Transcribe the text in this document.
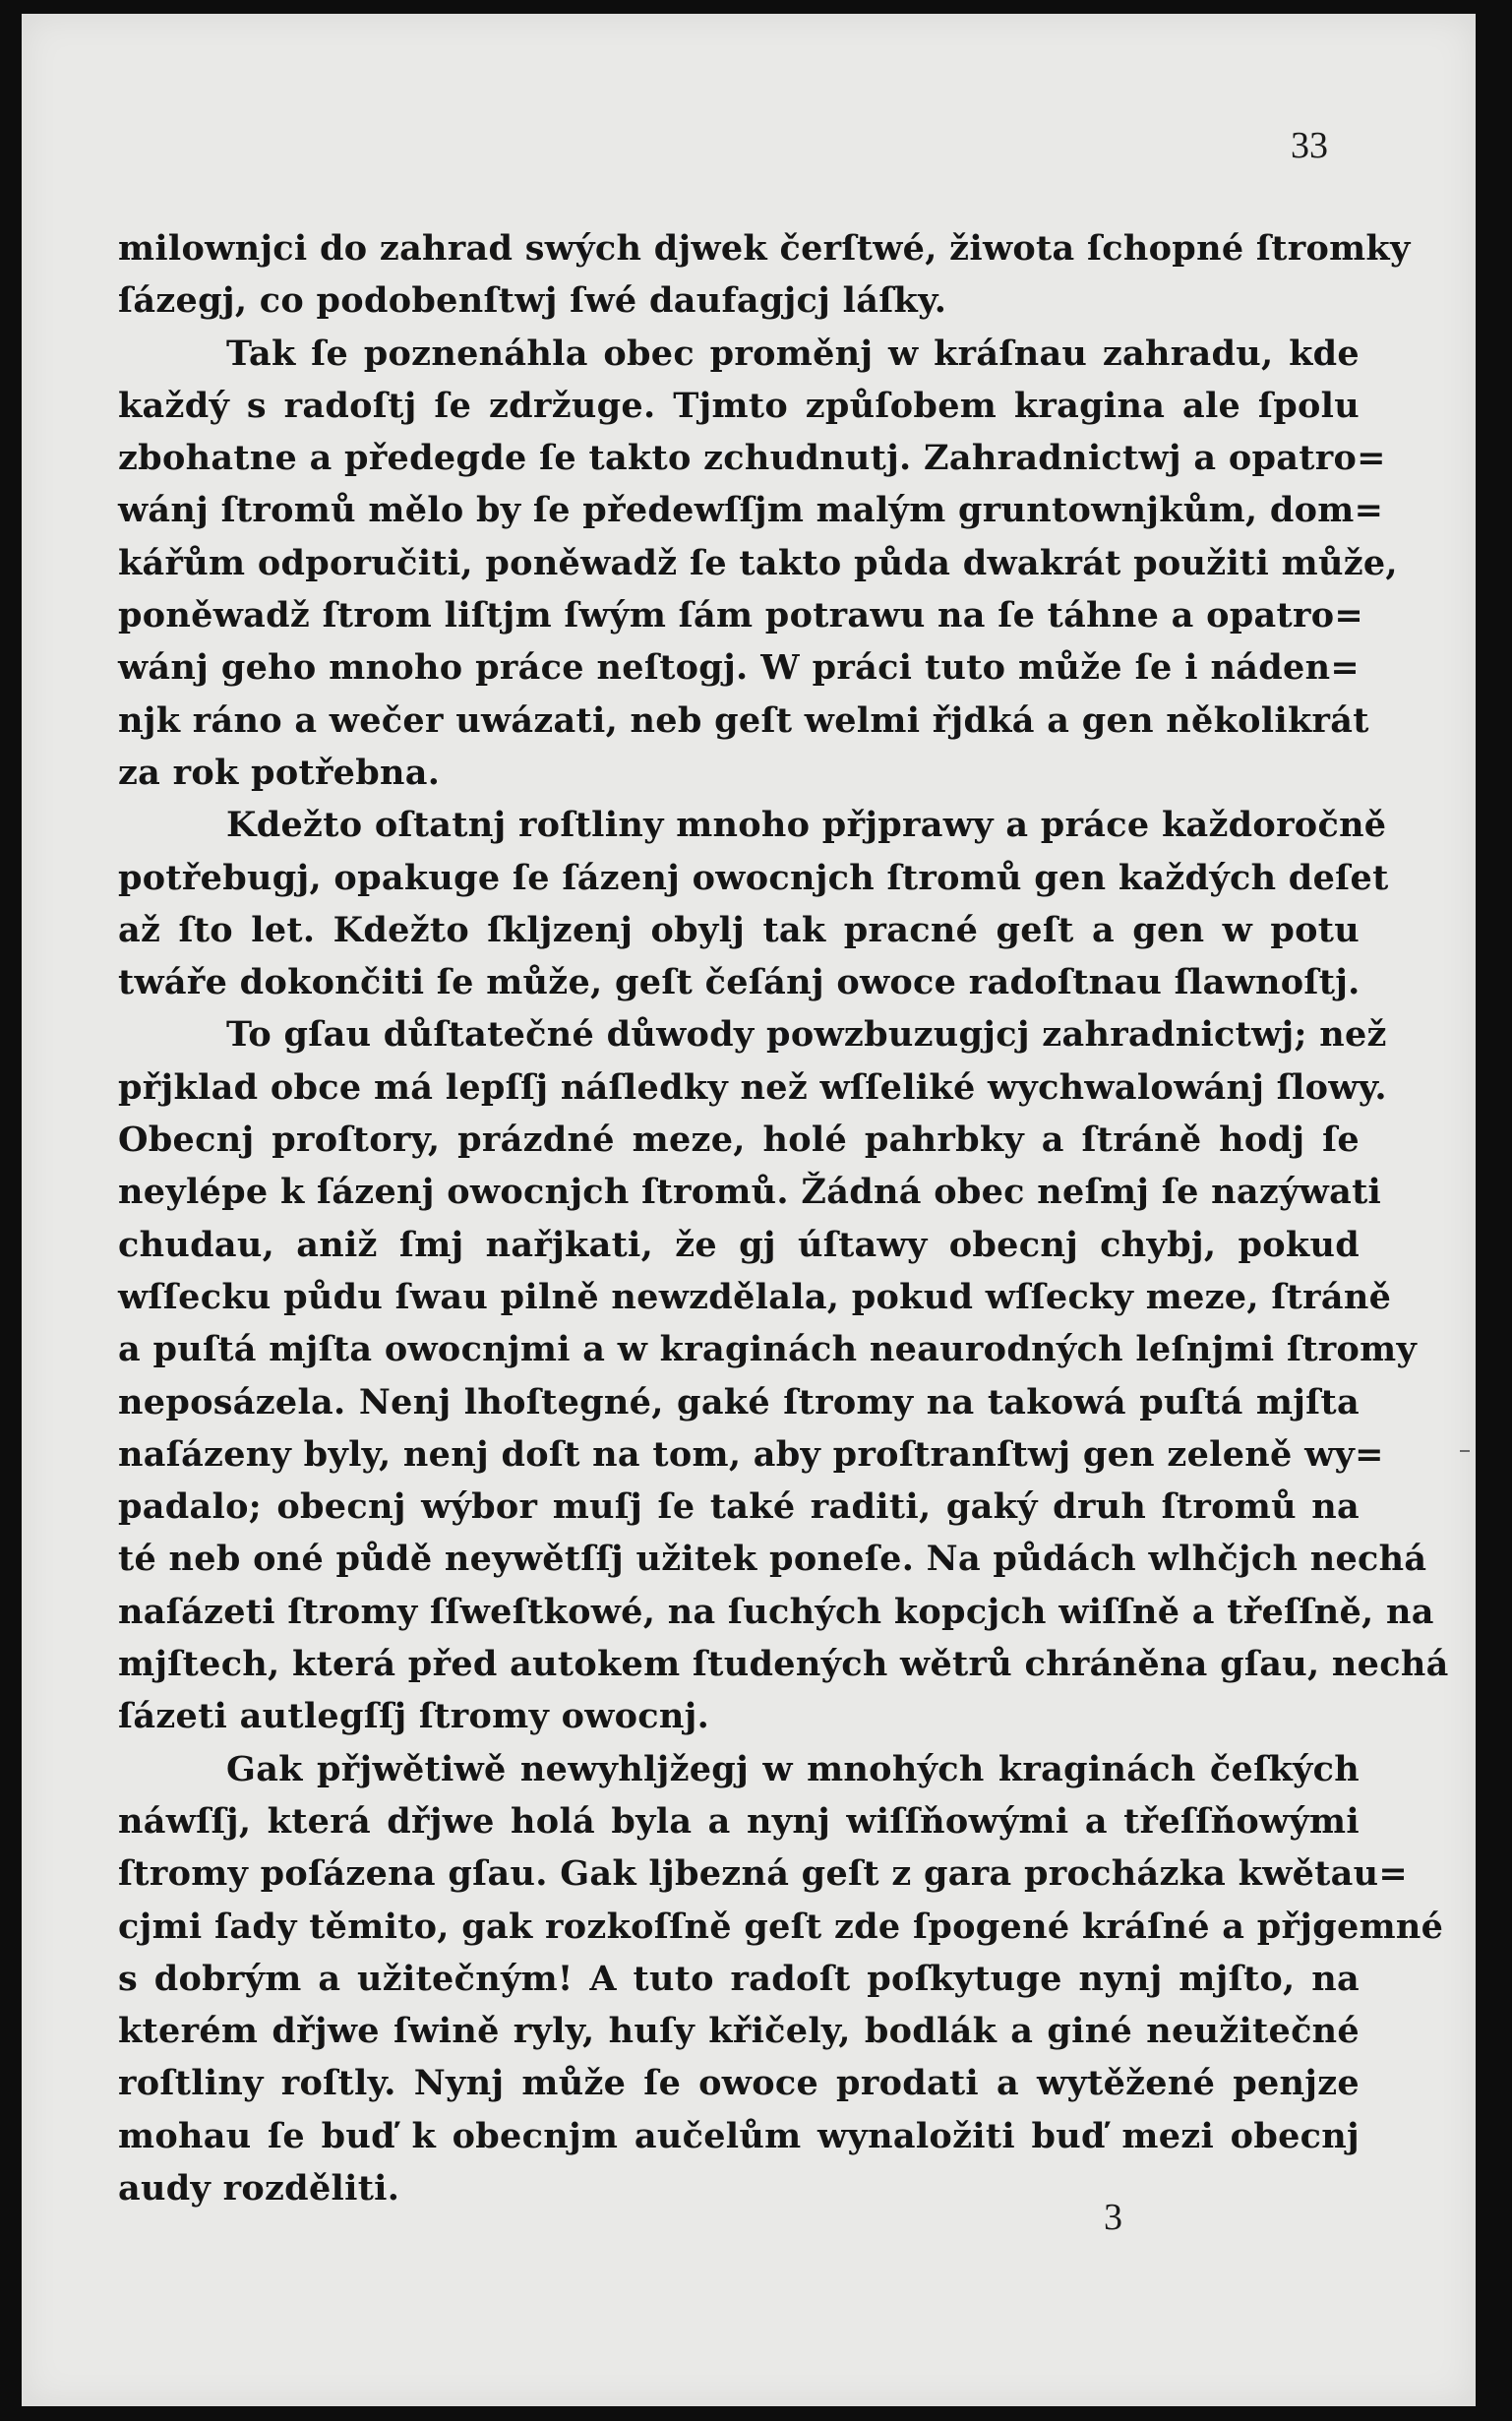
33
milownjci do zahrad swých djwek čerſtwé, žiwota ſchopné ſtromky
ſázegj, co podobenſtwj ſwé daufagjcj láſky.
Tak ſe poznenáhla obec proměnj w kráſnau zahradu, kde
každý s radoſtj ſe zdržuge. Tjmto způſobem kragina ale ſpolu
zbohatne a předegde ſe takto zchudnutj. Zahradnictwj a opatro=
wánj ſtromů mělo by ſe předewſſjm malým gruntownjkům, dom=
kářům odporučiti, poněwadž ſe takto půda dwakrát použiti může,
poněwadž ſtrom liſtjm ſwým ſám potrawu na ſe táhne a opatro=
wánj geho mnoho práce neſtogj. W práci tuto může ſe i náden=
njk ráno a wečer uwázati, neb geſt welmi řjdká a gen několikrát
za rok potřebna.
Kdežto oſtatnj roſtliny mnoho přjprawy a práce každoročně
potřebugj, opakuge ſe ſázenj owocnjch ſtromů gen každých deſet
až ſto let. Kdežto ſkljzenj obylj tak pracné geſt a gen w potu
twáře dokončiti ſe může, geſt čeſánj owoce radoſtnau ſlawnoſtj.
To gſau důſtatečné důwody powzbuzugjcj zahradnictwj; než
přjklad obce má lepſſj náſledky než wſſeliké wychwalowánj ſlowy.
Obecnj proſtory, prázdné meze, holé pahrbky a ſtráně hodj ſe
neylépe k ſázenj owocnjch ſtromů. Žádná obec neſmj ſe nazýwati
chudau, aniž ſmj nařjkati, že gj úſtawy obecnj chybj, pokud
wſſecku půdu ſwau pilně newzdělala, pokud wſſecky meze, ſtráně
a puſtá mjſta owocnjmi a w kraginách neaurodných leſnjmi ſtromy
neposázela. Nenj lhoſtegné, gaké ſtromy na takowá puſtá mjſta
naſázeny byly, nenj doſt na tom, aby proſtranſtwj gen zeleně wy=
padalo; obecnj wýbor muſj ſe také raditi, gaký druh ſtromů na
té neb oné půdě neywětſſj užitek poneſe. Na půdách wlhčjch nechá
naſázeti ſtromy ſſweſtkowé, na ſuchých kopcjch wiſſně a třeſſně, na
mjſtech, která před autokem ſtudených wětrů chráněna gſau, nechá
ſázeti autlegſſj ſtromy owocnj.
Gak přjwětiwě newyhljžegj w mnohých kraginách čeſkých
náwſſj, která dřjwe holá byla a nynj wiſſňowými a třeſſňowými
ſtromy poſázena gſau. Gak ljbezná geſt z gara procházka kwětau=
cjmi ſady těmito, gak rozkoſſně geſt zde ſpogené kráſné a přjgemné
s dobrým a užitečným! A tuto radoſt poſkytuge nynj mjſto, na
kterém dřjwe ſwině ryly, huſy křičely, bodlák a giné neužitečné
roſtliny roſtly. Nynj může ſe owoce prodati a wytěžené penjze
mohau ſe buď k obecnjm aučelům wynaložiti buď mezi obecnj
audy rozděliti.
3
